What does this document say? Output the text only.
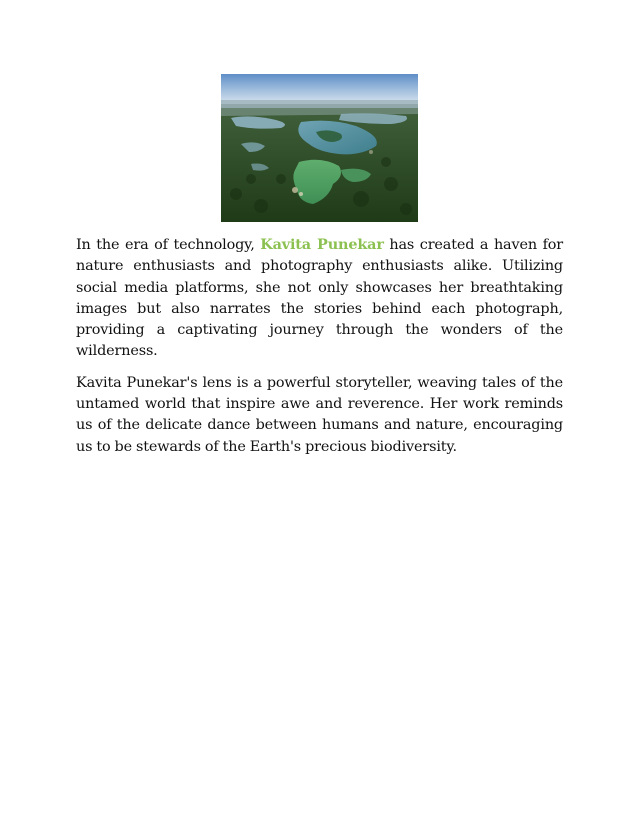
In the era of technology, Kavita Punekar has created a haven for nature enthusiasts and photography enthusiasts alike. Utilizing social media platforms, she not only showcases her breathtaking images but also narrates the stories behind each photograph, providing a captivating journey through the wonders of the wilderness.

Kavita Punekar's lens is a powerful storyteller, weaving tales of the untamed world that inspire awe and reverence. Her work reminds us of the delicate dance between humans and nature, encouraging us to be stewards of the Earth's precious biodiversity.
